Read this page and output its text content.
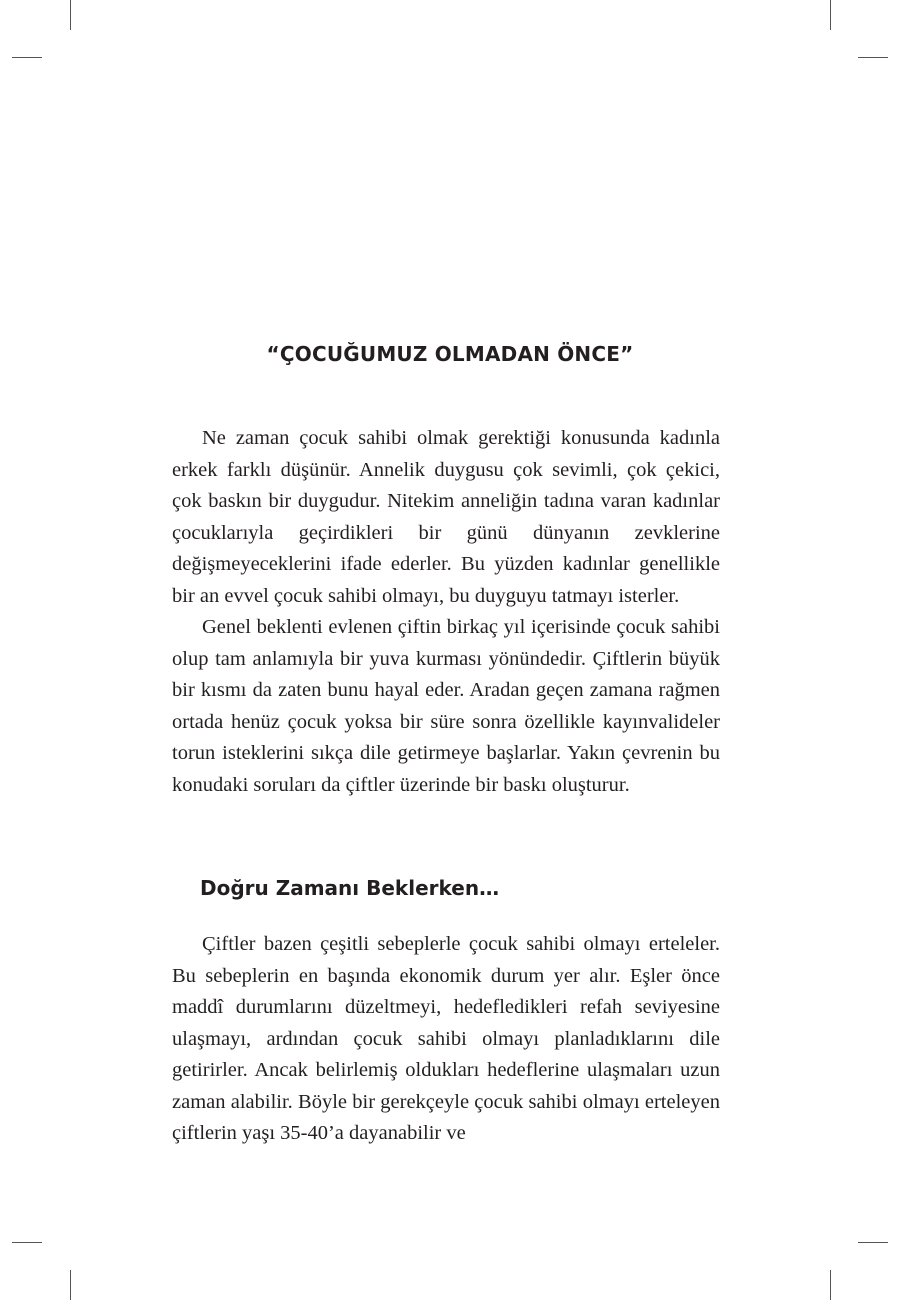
“ÇOCUĞUMUZ OLMADAN ÖNCE”

Ne zaman çocuk sahibi olmak gerektiği konusunda kadınla erkek farklı düşünür. Annelik duygusu çok sevimli, çok çekici, çok baskın bir duygudur. Nitekim anneliğin tadına varan kadınlar çocuklarıyla geçirdikleri bir günü dünyanın zevklerine değişmeyeceklerini ifade ederler. Bu yüzden kadınlar genellikle bir an evvel çocuk sahibi olmayı, bu duyguyu tatmayı isterler.

Genel beklenti evlenen çiftin birkaç yıl içerisinde çocuk sahibi olup tam anlamıyla bir yuva kurması yönündedir. Çiftlerin büyük bir kısmı da zaten bunu hayal eder. Aradan geçen zamana rağmen ortada henüz çocuk yoksa bir süre sonra özellikle kayınvalideler torun isteklerini sıkça dile getirmeye başlarlar. Yakın çevrenin bu konudaki soruları da çiftler üzerinde bir baskı oluşturur.

Doğru Zamanı Beklerken…

Çiftler bazen çeşitli sebeplerle çocuk sahibi olmayı erteleler. Bu sebeplerin en başında ekonomik durum yer alır. Eşler önce maddî durumlarını düzeltmeyi, hedefledikleri refah seviyesine ulaşmayı, ardından çocuk sahibi olmayı planladıklarını dile getirirler. Ancak belirlemiş oldukları hedeflerine ulaşmaları uzun zaman alabilir. Böyle bir gerekçeyle çocuk sahibi olmayı erteleyen çiftlerin yaşı 35-40’a dayanabilir ve
